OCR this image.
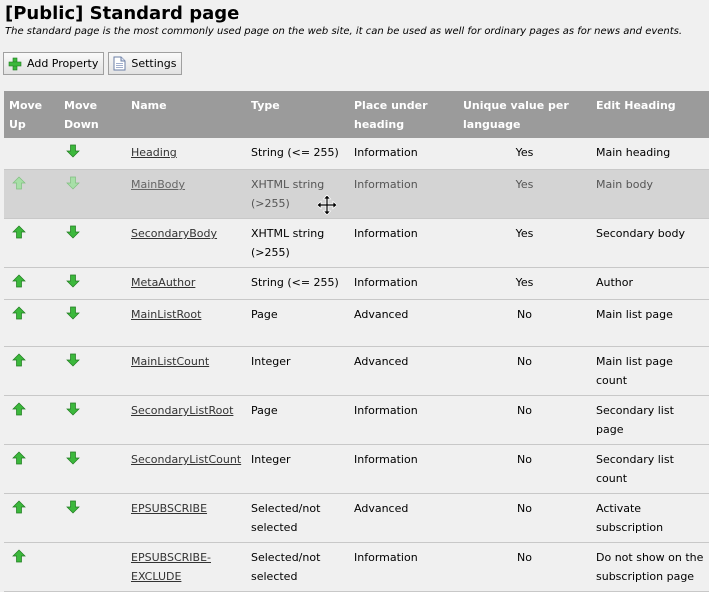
[Public] Standard page
The standard page is the most commonly used page on the web site, it can be used as well for ordinary pages as for news and events.
Add Property	Settings
Move Up	Move Down	Name	Type	Place under heading	Unique value per language	Edit Heading
		Heading	String (<= 255)	Information	Yes	Main heading
		MainBody	XHTML string (>255)	Information	Yes	Main body
		SecondaryBody	XHTML string (>255)	Information	Yes	Secondary body
		MetaAuthor	String (<= 255)	Information	Yes	Author
		MainListRoot	Page	Advanced	No	Main list page
		MainListCount	Integer	Advanced	No	Main list page count
		SecondaryListRoot	Page	Information	No	Secondary list page
		SecondaryListCount	Integer	Information	No	Secondary list count
		EPSUBSCRIBE	Selected/not selected	Advanced	No	Activate subscription
		EPSUBSCRIBE-EXCLUDE	Selected/not selected	Information	No	Do not show on the subscription page
